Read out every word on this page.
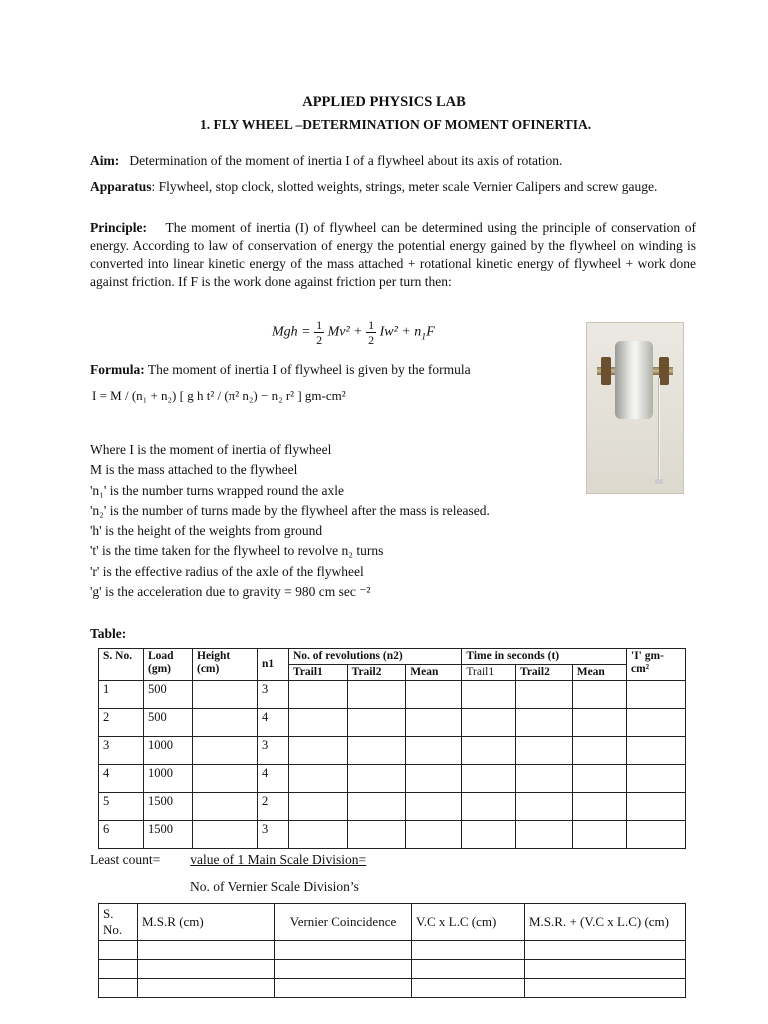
APPLIED PHYSICS LAB
1. FLY WHEEL –DETERMINATION OF MOMENT OFINERTIA.
Aim: Determination of the moment of inertia I of a flywheel about its axis of rotation.
Apparatus: Flywheel, stop clock, slotted weights, strings, meter scale Vernier Calipers and screw gauge.
Principle: The moment of inertia (I) of flywheel can be determined using the principle of conservation of energy. According to law of conservation of energy the potential energy gained by the flywheel on winding is converted into linear kinetic energy of the mass attached + rotational kinetic energy of flywheel + work done against friction. If F is the work done against friction per turn then:
Mgh = $\frac{1}{2} Mv^2 + \frac{1}{2} Iw^2 + n_1F$
Formula: The moment of inertia I of flywheel is given by the formula
I = M / (n₁ + n₂) [ g h t² / (π² n₂) − n₂ r² ] gm-cm²
Where I is the moment of inertia of flywheel
M is the mass attached to the flywheel
'n₁' is the number turns wrapped round the axle
'n₂' is the number of turns made by the flywheel after the mass is released.
'h' is the height of the weights from ground
't' is the time taken for the flywheel to revolve n₂ turns
'r' is the effective radius of the axle of the flywheel
'g' is the acceleration due to gravity = 980 cm sec ⁻²
Table:
S. No.	Load (gm)	Height (cm)	n1	No. of revolutions (n2)			Time in seconds (t)			'I' gm-cm²
				Trail1	Trail2	Mean	Trail1	Trail2	Mean	
1	500		3							
2	500		4							
3	1000		3							
4	1000		4							
5	1500		2							
6	1500		3							
Least count= value of 1 Main Scale Division=
No. of Vernier Scale Division’s
S. No.	M.S.R (cm)	Vernier Coincidence	V.C x L.C (cm)	M.S.R. + (V.C x L.C) (cm)
